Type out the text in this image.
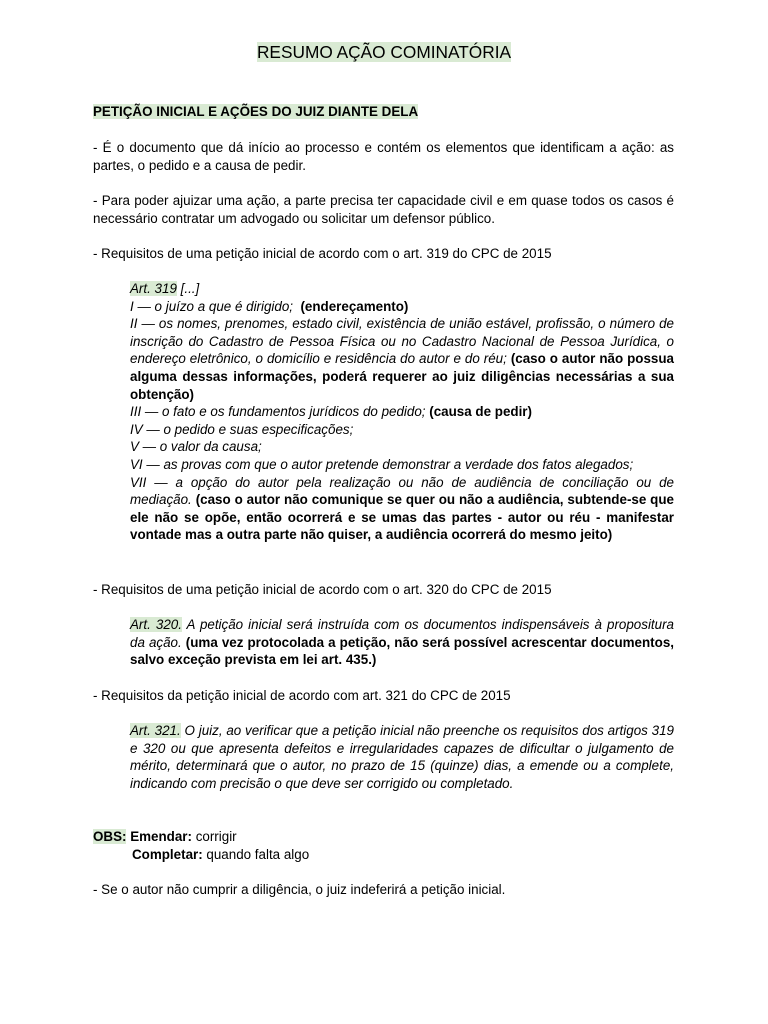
RESUMO AÇÃO COMINATÓRIA

PETIÇÃO INICIAL E AÇÕES DO JUIZ DIANTE DELA

- É o documento que dá início ao processo e contém os elementos que identificam a ação: as partes, o pedido e a causa de pedir.

- Para poder ajuizar uma ação, a parte precisa ter capacidade civil e em quase todos os casos é necessário contratar um advogado ou solicitar um defensor público.

- Requisitos de uma petição inicial de acordo com o art. 319 do CPC de 2015

Art. 319 [...]

I — o juízo a que é dirigido; (endereçamento)

II — os nomes, prenomes, estado civil, existência de união estável, profissão, o número de inscrição do Cadastro de Pessoa Física ou no Cadastro Nacional de Pessoa Jurídica, o endereço eletrônico, o domicílio e residência do autor e do réu; (caso o autor não possua alguma dessas informações, poderá requerer ao juiz diligências necessárias a sua obtenção)

III — o fato e os fundamentos jurídicos do pedido; (causa de pedir)

IV — o pedido e suas especificações;

V — o valor da causa;

VI — as provas com que o autor pretende demonstrar a verdade dos fatos alegados;

VII — a opção do autor pela realização ou não de audiência de conciliação ou de mediação. (caso o autor não comunique se quer ou não a audiência, subtende-se que ele não se opõe, então ocorrerá e se umas das partes - autor ou réu - manifestar vontade mas a outra parte não quiser, a audiência ocorrerá do mesmo jeito)

- Requisitos de uma petição inicial de acordo com o art. 320 do CPC de 2015

Art. 320. A petição inicial será instruída com os documentos indispensáveis à propositura da ação. (uma vez protocolada a petição, não será possível acrescentar documentos, salvo exceção prevista em lei art. 435.)

- Requisitos da petição inicial de acordo com art. 321 do CPC de 2015

Art. 321. O juiz, ao verificar que a petição inicial não preenche os requisitos dos artigos 319 e 320 ou que apresenta defeitos e irregularidades capazes de dificultar o julgamento de mérito, determinará que o autor, no prazo de 15 (quinze) dias, a emende ou a complete, indicando com precisão o que deve ser corrigido ou completado.

OBS: Emendar: corrigir

Completar: quando falta algo

- Se o autor não cumprir a diligência, o juiz indeferirá a petição inicial.
